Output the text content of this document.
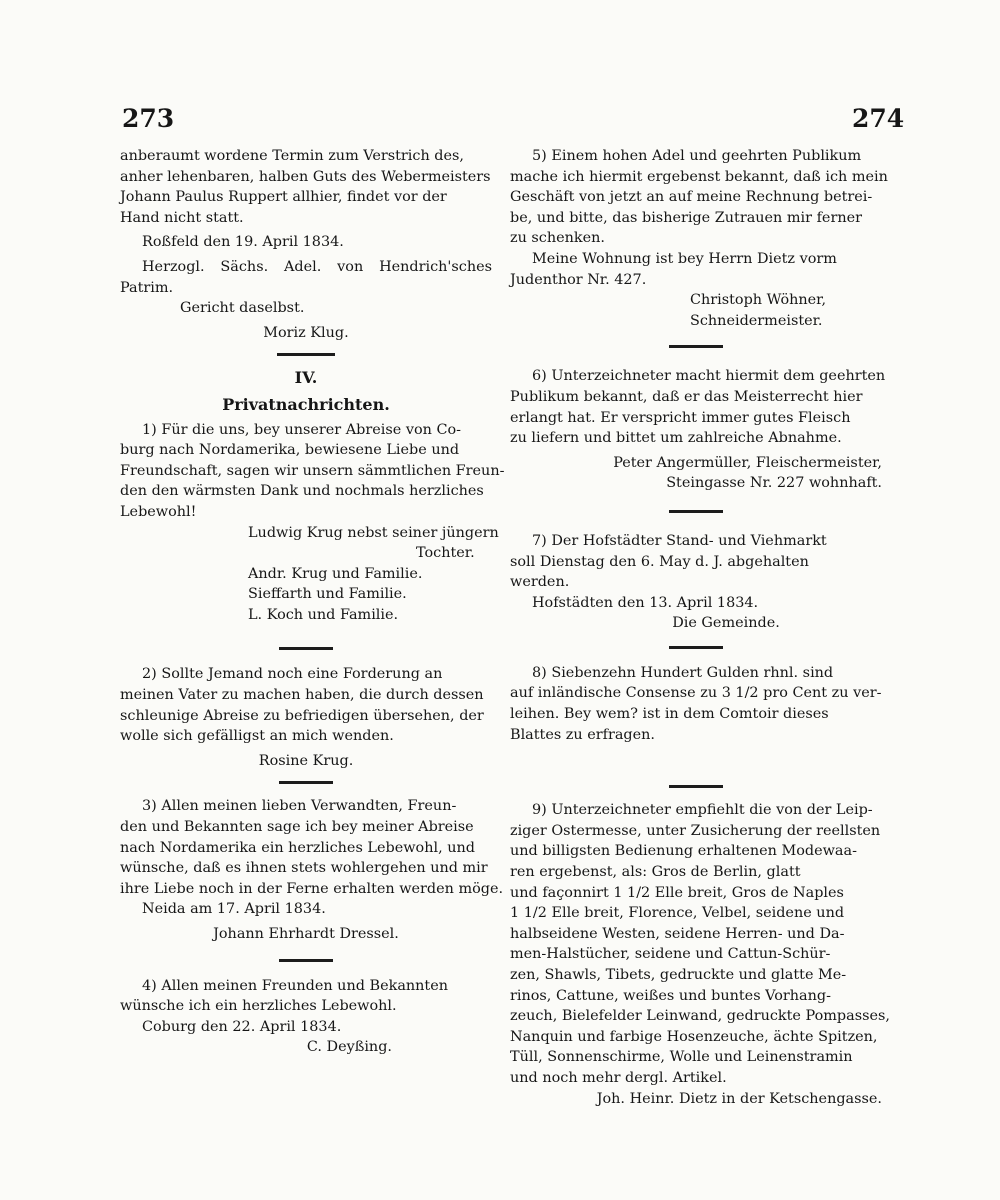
273	274
anberaumt wordene Termin zum Verstrich des,
anher lehenbaren, halben Guts des Webermeisters
Johann Paulus Ruppert allhier, findet vor der
Hand nicht statt.
Roßfeld den 19. April 1834.
Herzogl. Sächs. Adel. von Hendrich'sches Patrim.
Gericht daselbst.
Moriz Klug.
IV.
Privatnachrichten.
1) Für die uns, bey unserer Abreise von Co-
burg nach Nordamerika, bewiesene Liebe und
Freundschaft, sagen wir unsern sämmtlichen Freun-
den den wärmsten Dank und nochmals herzliches
Lebewohl!
Ludwig Krug nebst seiner jüngern
Tochter.
Andr. Krug und Familie.
Sieffarth und Familie.
L. Koch und Familie.
2) Sollte Jemand noch eine Forderung an
meinen Vater zu machen haben, die durch dessen
schleunige Abreise zu befriedigen übersehen, der
wolle sich gefälligst an mich wenden.
Rosine Krug.
3) Allen meinen lieben Verwandten, Freun-
den und Bekannten sage ich bey meiner Abreise
nach Nordamerika ein herzliches Lebewohl, und
wünsche, daß es ihnen stets wohlergehen und mir
ihre Liebe noch in der Ferne erhalten werden möge.
Neida am 17. April 1834.
Johann Ehrhardt Dressel.
4) Allen meinen Freunden und Bekannten
wünsche ich ein herzliches Lebewohl.
Coburg den 22. April 1834.
C. Deyßing.
5) Einem hohen Adel und geehrten Publikum
mache ich hiermit ergebenst bekannt, daß ich mein
Geschäft von jetzt an auf meine Rechnung betrei-
be, und bitte, das bisherige Zutrauen mir ferner
zu schenken.
Meine Wohnung ist bey Herrn Dietz vorm
Judenthor Nr. 427.
Christoph Wöhner,
Schneidermeister.
6) Unterzeichneter macht hiermit dem geehrten
Publikum bekannt, daß er das Meisterrecht hier
erlangt hat. Er verspricht immer gutes Fleisch
zu liefern und bittet um zahlreiche Abnahme.
Peter Angermüller, Fleischermeister,
Steingasse Nr. 227 wohnhaft.
7) Der Hofstädter Stand- und Viehmarkt
soll Dienstag den 6. May d. J. abgehalten
werden.
Hofstädten den 13. April 1834.
Die Gemeinde.
8) Siebenzehn Hundert Gulden rhnl. sind
auf inländische Consense zu 3 1/2 pro Cent zu ver-
leihen. Bey wem? ist in dem Comtoir dieses
Blattes zu erfragen.
9) Unterzeichneter empfiehlt die von der Leip-
ziger Ostermesse, unter Zusicherung der reellsten
und billigsten Bedienung erhaltenen Modewaa-
ren ergebenst, als: Gros de Berlin, glatt
und façonnirt 1 1/2 Elle breit, Gros de Naples
1 1/2 Elle breit, Florence, Velbel, seidene und
halbseidene Westen, seidene Herren- und Da-
men-Halstücher, seidene und Cattun-Schür-
zen, Shawls, Tibets, gedruckte und glatte Me-
rinos, Cattune, weißes und buntes Vorhang-
zeuch, Bielefelder Leinwand, gedruckte Pompasses,
Nanquin und farbige Hosenzeuche, ächte Spitzen,
Tüll, Sonnenschirme, Wolle und Leinenstramin
und noch mehr dergl. Artikel.
Joh. Heinr. Dietz in der Ketschengasse.
